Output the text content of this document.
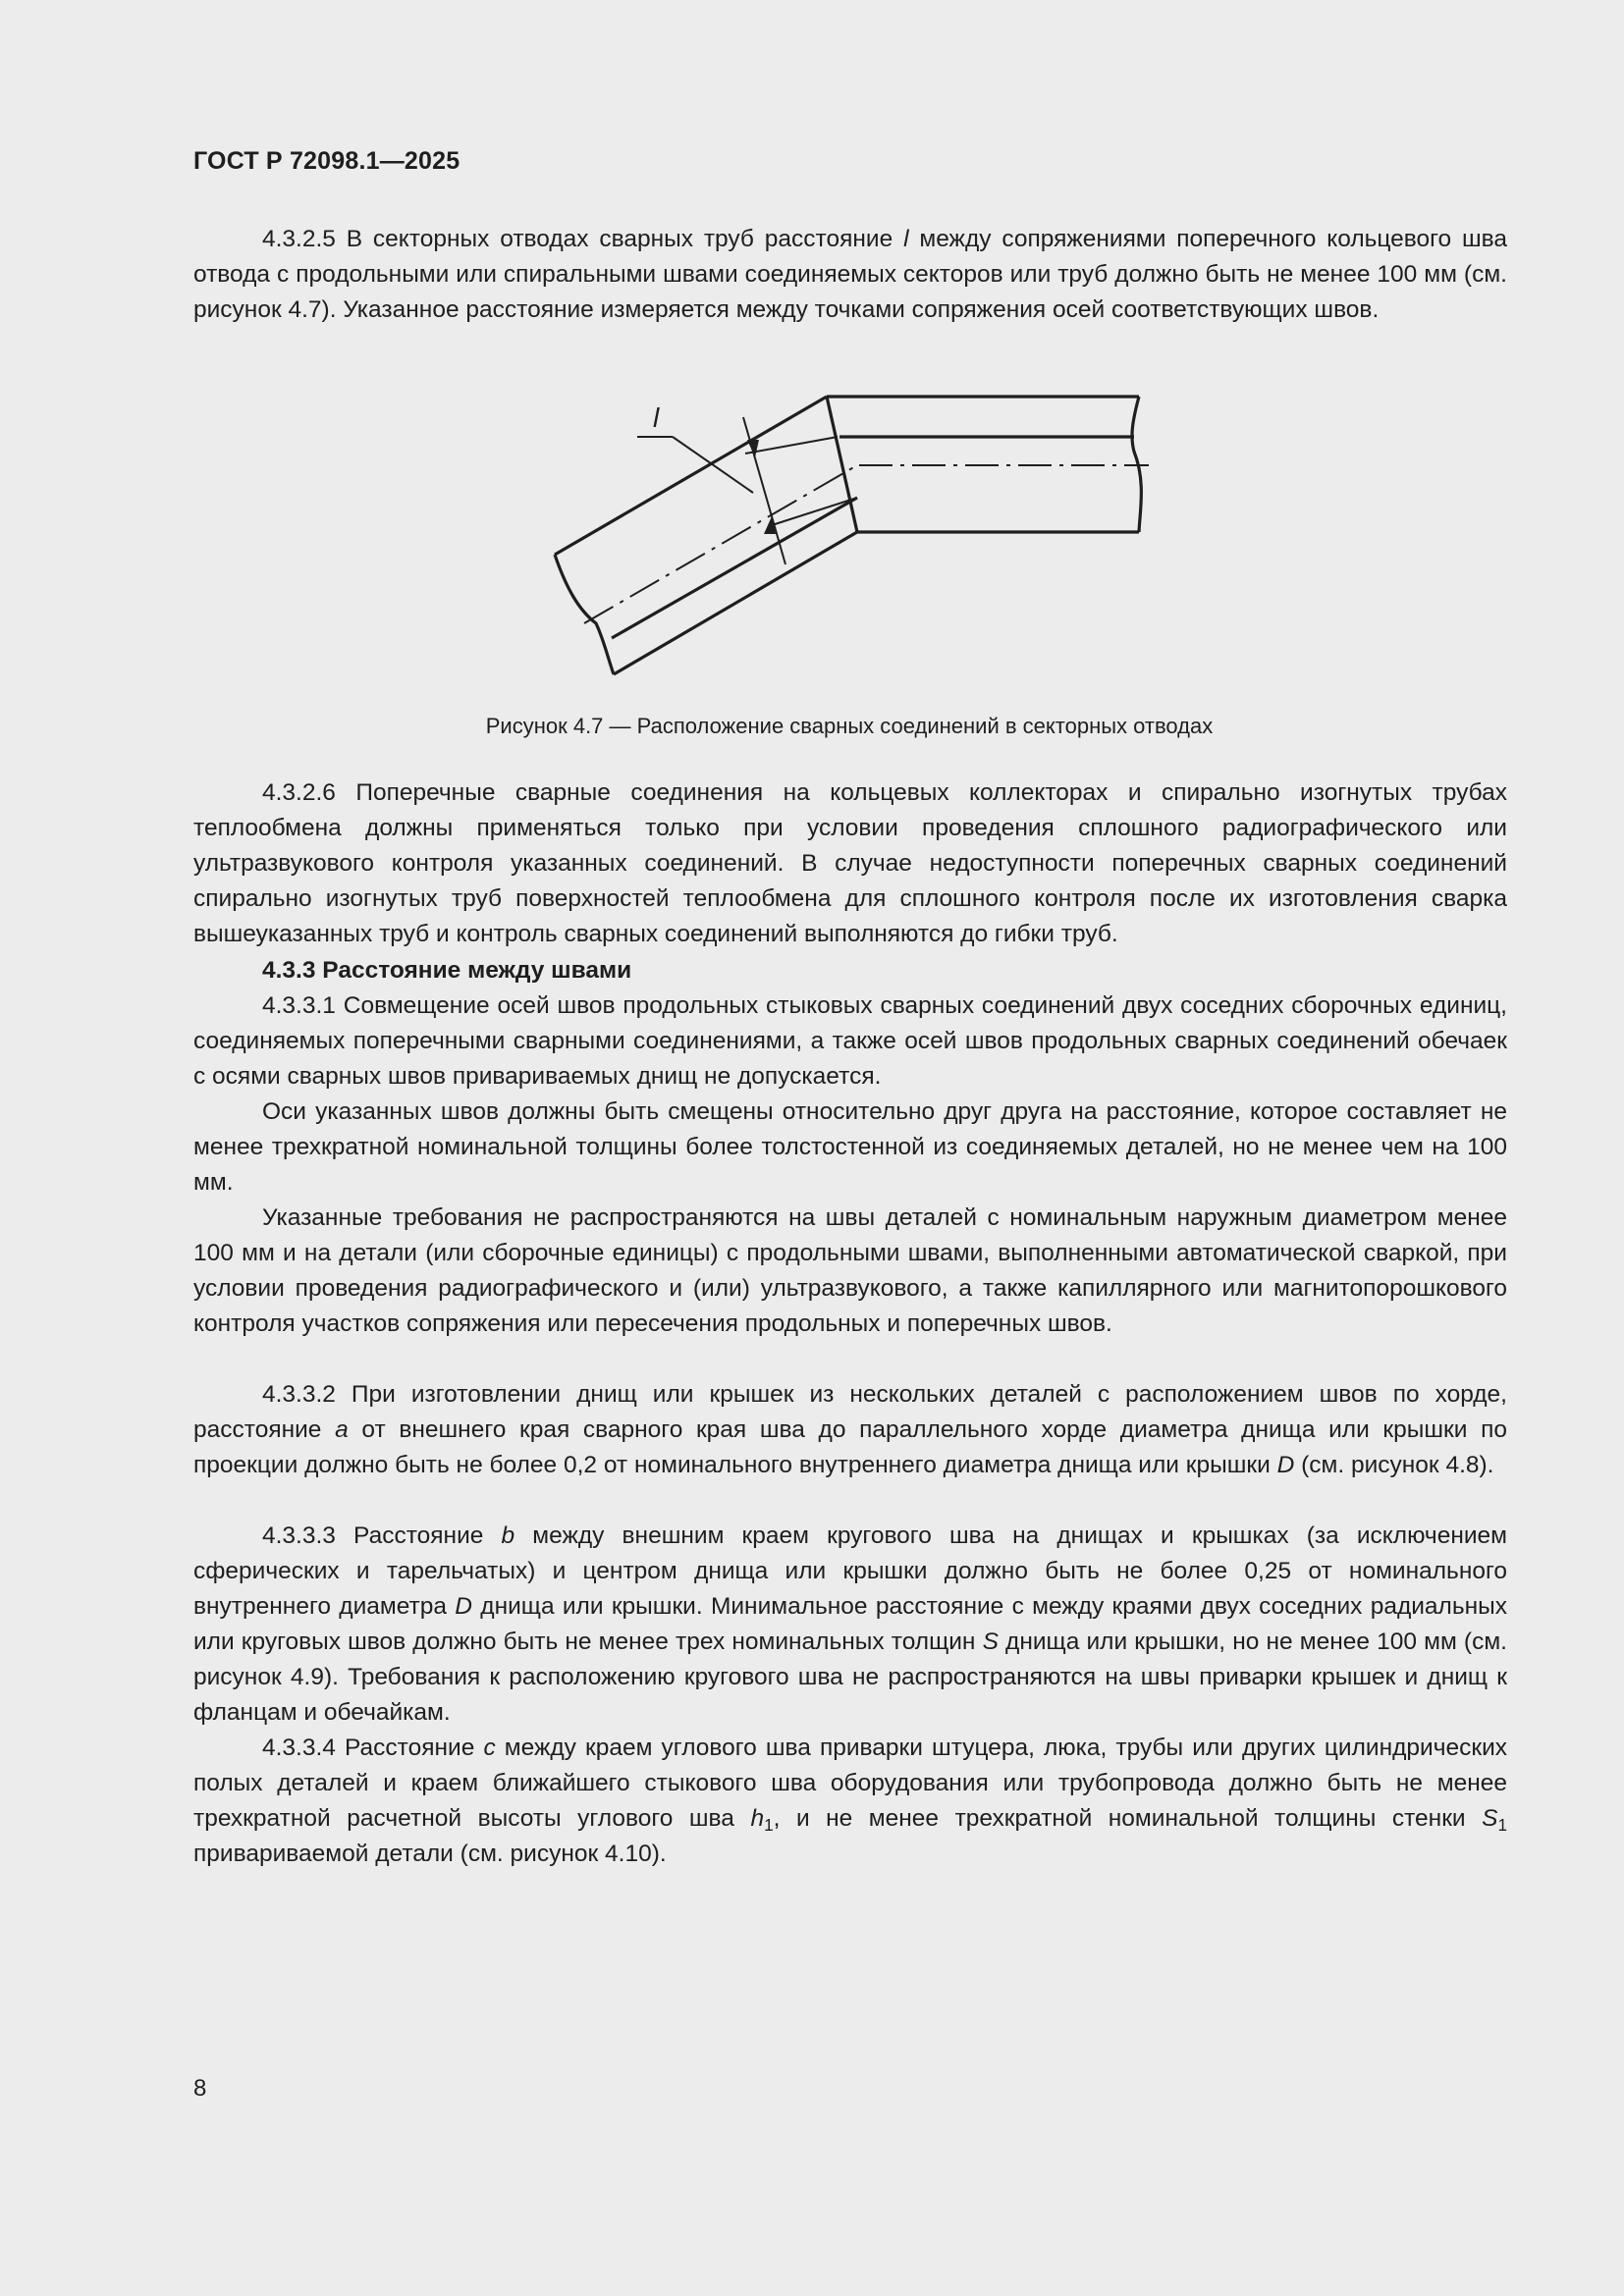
ГОСТ Р 72098.1—2025
4.3.2.5 В секторных отводах сварных труб расстояние l между сопряжениями поперечного кольцевого шва отвода с продольными или спиральными швами соединяемых секторов или труб должно быть не менее 100 мм (см. рисунок 4.7). Указанное расстояние измеряется между точками сопряжения осей соответствующих швов.
l
Рисунок 4.7 — Расположение сварных соединений в секторных отводах
4.3.2.6 Поперечные сварные соединения на кольцевых коллекторах и спирально изогнутых трубах теплообмена должны применяться только при условии проведения сплошного радиографического или ультразвукового контроля указанных соединений. В случае недоступности поперечных сварных соединений спирально изогнутых труб поверхностей теплообмена для сплошного контроля после их изготовления сварка вышеуказанных труб и контроль сварных соединений выполняются до гибки труб.
4.3.3 Расстояние между швами
4.3.3.1 Совмещение осей швов продольных стыковых сварных соединений двух соседних сборочных единиц, соединяемых поперечными сварными соединениями, а также осей швов продольных сварных соединений обечаек с осями сварных швов привариваемых днищ не допускается.
Оси указанных швов должны быть смещены относительно друг друга на расстояние, которое составляет не менее трехкратной номинальной толщины более толстостенной из соединяемых деталей, но не менее чем на 100 мм.
Указанные требования не распространяются на швы деталей с номинальным наружным диаметром менее 100 мм и на детали (или сборочные единицы) с продольными швами, выполненными автоматической сваркой, при условии проведения радиографического и (или) ультразвукового, а также капиллярного или магнитопорошкового контроля участков сопряжения или пересечения продольных и поперечных швов.
4.3.3.2 При изготовлении днищ или крышек из нескольких деталей с расположением швов по хорде, расстояние a от внешнего края сварного края шва до параллельного хорде диаметра днища или крышки по проекции должно быть не более 0,2 от номинального внутреннего диаметра днища или крышки D (см. рисунок 4.8).
4.3.3.3 Расстояние b между внешним краем кругового шва на днищах и крышках (за исключением сферических и тарельчатых) и центром днища или крышки должно быть не более 0,25 от номинального внутреннего диаметра D днища или крышки. Минимальное расстояние с между краями двух соседних радиальных или круговых швов должно быть не менее трех номинальных толщин S днища или крышки, но не менее 100 мм (см. рисунок 4.9). Требования к расположению кругового шва не распространяются на швы приварки крышек и днищ к фланцам и обечайкам.
4.3.3.4 Расстояние c между краем углового шва приварки штуцера, люка, трубы или других цилиндрических полых деталей и краем ближайшего стыкового шва оборудования или трубопровода должно быть не менее трехкратной расчетной высоты углового шва $h_1$, и не менее трехкратной номинальной толщины стенки $S_1$ привариваемой детали (см. рисунок 4.10).
8
